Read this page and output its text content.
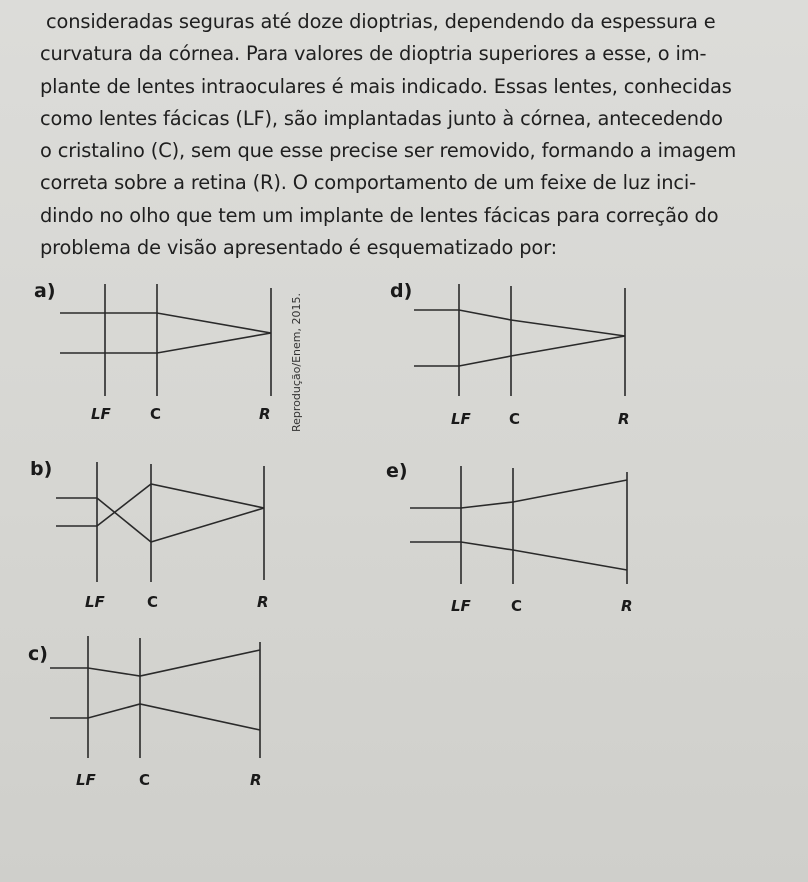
consideradas seguras até doze dioptrias, dependendo da espessura e
curvatura da córnea. Para valores de dioptria superiores a esse, o im-
plante de lentes intraoculares é mais indicado. Essas lentes, conhecidas
como lentes fácicas (LF), são implantadas junto à córnea, antecedendo
o cristalino (C), sem que esse precise ser removido, formando a imagem
correta sobre a retina (R). O comportamento de um feixe de luz inci-
dindo no olho que tem um implante de lentes fácicas para correção do
problema de visão apresentado é esquematizado por:
Reprodução/Enem, 2015.
a)
LF	C	R
b)
LF	C	R
c)
LF	C	R
d)
LF	C	R
e)
LF	C	R
